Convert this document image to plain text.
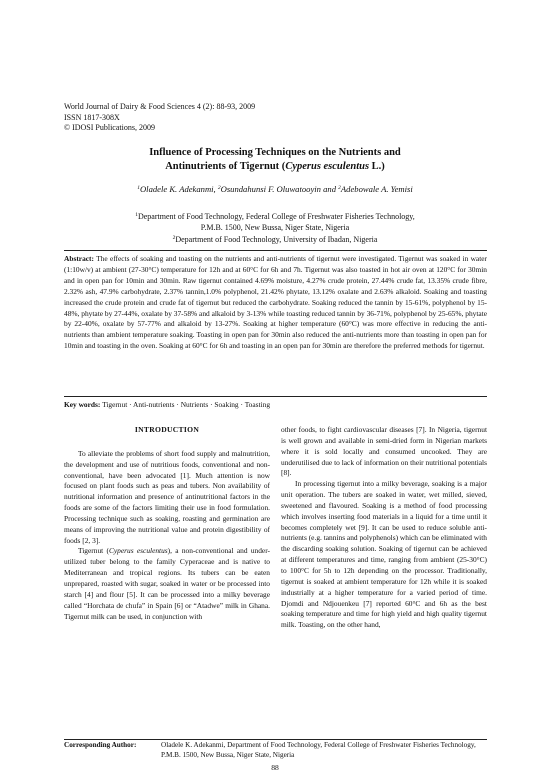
World Journal of Dairy & Food Sciences 4 (2): 88-93, 2009
ISSN 1817-308X
© IDOSI Publications, 2009
Influence of Processing Techniques on the Nutrients and
Antinutrients of Tigernut (Cyperus esculentus L.)
$^1$Oladele K. Adekanmi, $^2$Osundahunsi F. Oluwatooyin and $^2$Adebowale A. Yemisi
$^1$Department of Food Technology, Federal College of Freshwater Fisheries Technology,
P.M.B. 1500, New Bussa, Niger State, Nigeria
$^2$Department of Food Technology, University of Ibadan, Nigeria
Abstract: The effects of soaking and toasting on the nutrients and anti-nutrients of tigernut were investigated. Tigernut was soaked in water (1:10w/v) at ambient (27-30°C) temperature for 12h and at 60°C for 6h and 7h. Tigernut was also toasted in hot air oven at 120°C for 30min and in open pan for 10min and 30min. Raw tigernut contained 4.69% moisture, 4.27% crude protein, 27.44% crude fat, 13.35% crude fibre, 2.32% ash, 47.9% carbohydrate, 2.37% tannin,1.0% polyphenol, 21.42% phytate, 13.12% oxalate and 2.63% alkaloid. Soaking and toasting increased the crude protein and crude fat of tigernut but reduced the carbohydrate. Soaking reduced the tannin by 15-61%, polyphenol by 15-48%, phytate by 27-44%, oxalate by 37-58% and alkaloid by 3-13% while toasting reduced tannin by 36-71%, polyphenol by 25-65%, phytate by 22-40%, oxalate by 57-77% and alkaloid by 13-27%. Soaking at higher temperature (60°C) was more effective in reducing the anti-nutrients than ambient temperature soaking. Toasting in open pan for 30min also reduced the anti-nutrients more than toasting in open pan for 10min and toasting in the oven. Soaking at 60°C for 6h and toasting in an open pan for 30min are therefore the preferred methods for tigernut.
Key words: Tigernut · Anti-nutrients · Nutrients · Soaking · Toasting
INTRODUCTION

To alleviate the problems of short food supply and malnutrition, the development and use of nutritious foods, conventional and non-conventional, have been advocated [1]. Much attention is now focused on plant foods such as peas and tubers. Non availability of nutritional information and presence of antinutritional factors in the foods are some of the factors limiting their use in food formulation. Processing technique such as soaking, roasting and germination are means of improving the nutritional value and protein digestibility of foods [2, 3].

Tigernut (Cyperus esculentus), a non-conventional and under-utilized tuber belong to the family Cyperaceae and is native to Mediterranean and tropical regions. Its tubers can be eaten unprepared, roasted with sugar, soaked in water or be processed into starch [4] and flour [5]. It can be processed into a milky beverage called “Horchata de chufa” in Spain [6] or “Atadwe” milk in Ghana. Tigernut milk can be used, in conjunction with

other foods, to fight cardiovascular diseases [7]. In Nigeria, tigernut is well grown and available in semi-dried form in Nigerian markets where it is sold locally and consumed uncooked. They are underutilised due to lack of information on their nutritional potentials [8].

In processing tigernut into a milky beverage, soaking is a major unit operation. The tubers are soaked in water, wet milled, sieved, sweetened and flavoured. Soaking is a method of food processing which involves inserting food materials in a liquid for a time until it becomes completely wet [9]. It can be used to reduce soluble anti-nutrients (e.g. tannins and polyphenols) which can be eliminated with the discarding soaking solution. Soaking of tigernut can be achieved at different temperatures and time, ranging from ambient (25-30°C) to 100°C for 5h to 12h depending on the processor. Traditionally, tigernut is soaked at ambient temperature for 12h while it is soaked industrially at a higher temperature for a varied period of time. Djomdi and Ndjouenkeu [7] reported 60°C and 6h as the best soaking temperature and time for high yield and high quality tigernut milk. Toasting, on the other hand,

Corresponding Author:	Oladele K. Adekanmi, Department of Food Technology, Federal College of Freshwater Fisheries Technology, P.M.B. 1500, New Bussa, Niger State, Nigeria
88
